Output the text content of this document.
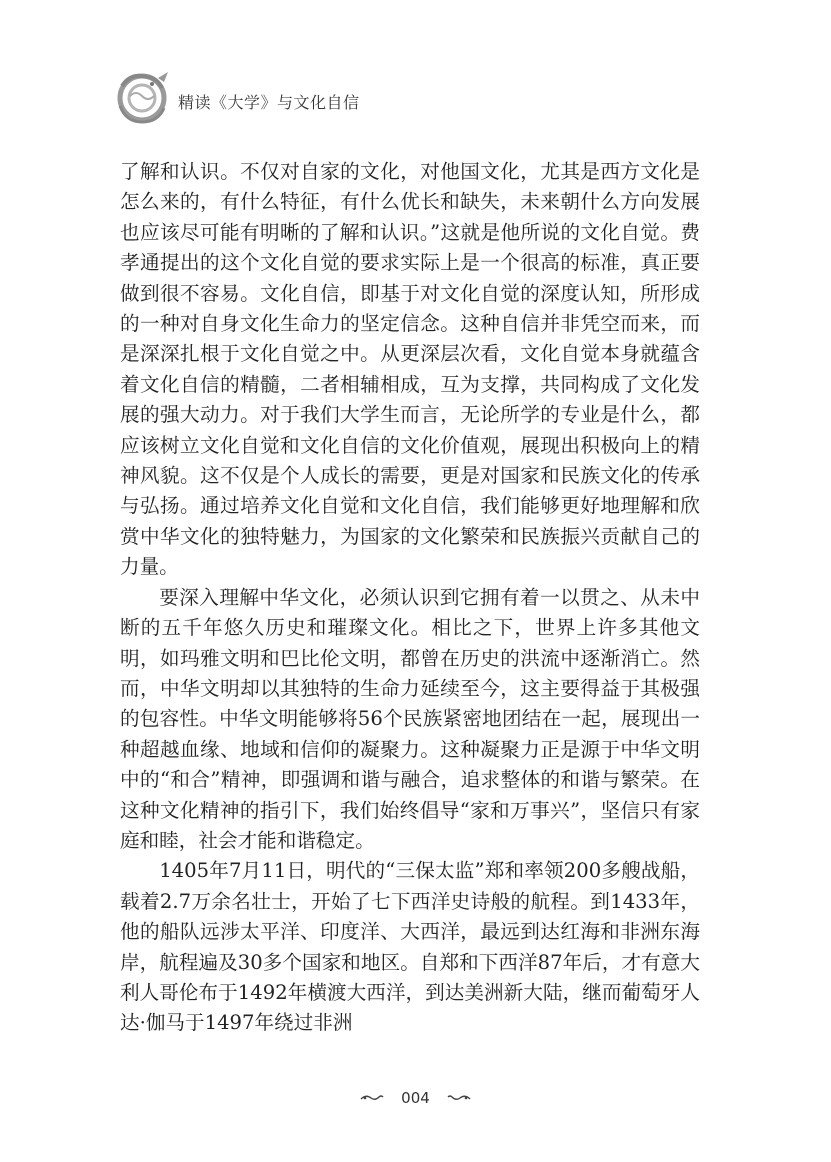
精读《大学》与文化自信

了解和认识。不仅对自家的文化，对他国文化，尤其是西方文化是怎么来的，有什么特征，有什么优长和缺失，未来朝什么方向发展也应该尽可能有明晰的了解和认识。”这就是他所说的文化自觉。费孝通提出的这个文化自觉的要求实际上是一个很高的标准，真正要做到很不容易。文化自信，即基于对文化自觉的深度认知，所形成的一种对自身文化生命力的坚定信念。这种自信并非凭空而来，而是深深扎根于文化自觉之中。从更深层次看，文化自觉本身就蕴含着文化自信的精髓，二者相辅相成，互为支撑，共同构成了文化发展的强大动力。对于我们大学生而言，无论所学的专业是什么，都应该树立文化自觉和文化自信的文化价值观，展现出积极向上的精神风貌。这不仅是个人成长的需要，更是对国家和民族文化的传承与弘扬。通过培养文化自觉和文化自信，我们能够更好地理解和欣赏中华文化的独特魅力，为国家的文化繁荣和民族振兴贡献自己的力量。

要深入理解中华文化，必须认识到它拥有着一以贯之、从未中断的五千年悠久历史和璀璨文化。相比之下，世界上许多其他文明，如玛雅文明和巴比伦文明，都曾在历史的洪流中逐渐消亡。然而，中华文明却以其独特的生命力延续至今，这主要得益于其极强的包容性。中华文明能够将56个民族紧密地团结在一起，展现出一种超越血缘、地域和信仰的凝聚力。这种凝聚力正是源于中华文明中的“和合”精神，即强调和谐与融合，追求整体的和谐与繁荣。在这种文化精神的指引下，我们始终倡导“家和万事兴”，坚信只有家庭和睦，社会才能和谐稳定。

1405年7月11日，明代的“三保太监”郑和率领200多艘战船，载着2.7万余名壮士，开始了七下西洋史诗般的航程。到1433年，他的船队远涉太平洋、印度洋、大西洋，最远到达红海和非洲东海岸，航程遍及30多个国家和地区。自郑和下西洋87年后，才有意大利人哥伦布于1492年横渡大西洋，到达美洲新大陆，继而葡萄牙人达·伽马于1497年绕过非洲

004
